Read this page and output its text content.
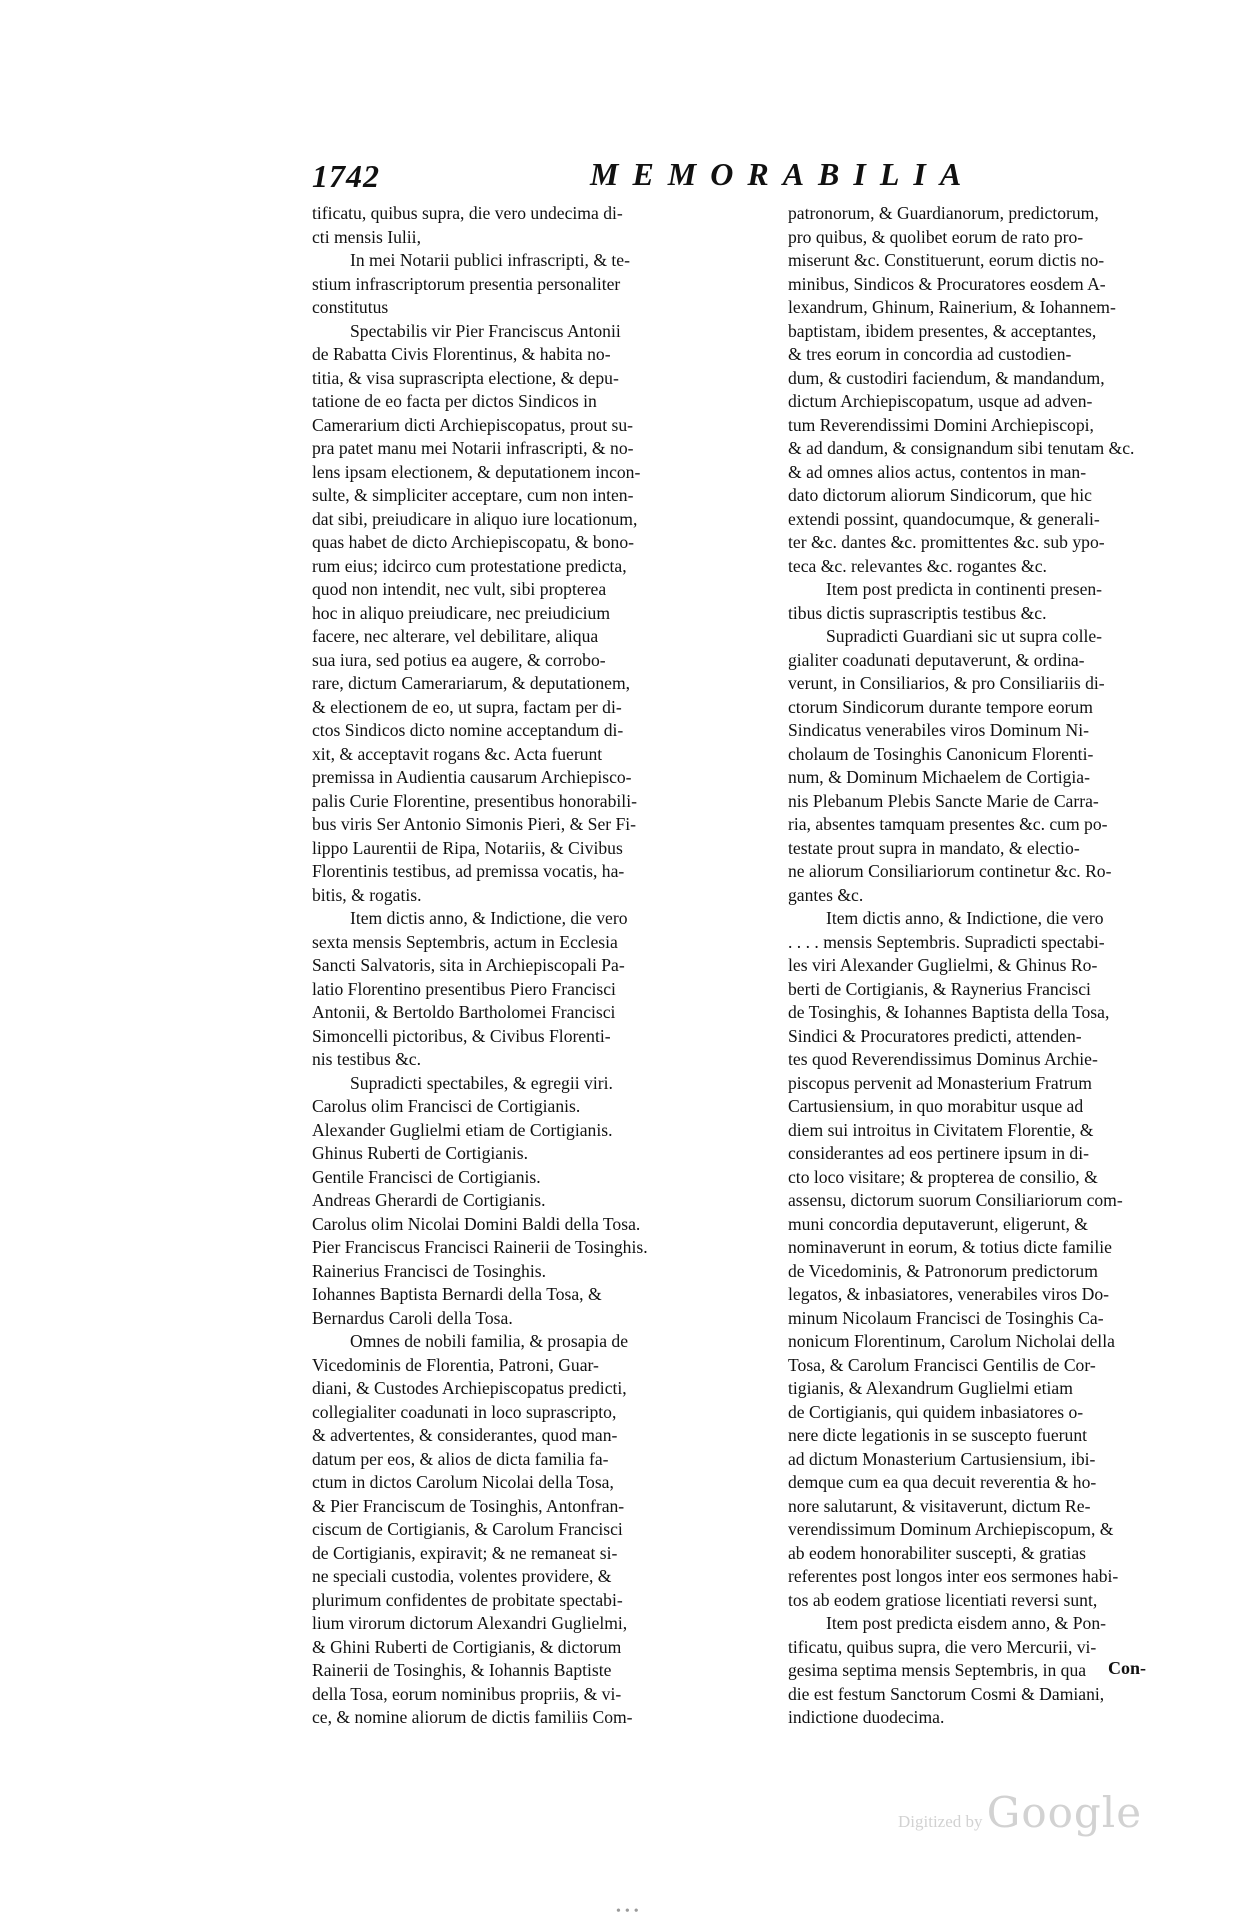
1742	MEMORABILIA
tificatu, quibus supra, die vero undecima di-
cti mensis Iulii,
In mei Notarii publici infrascripti, & te-
stium infrascriptorum presentia personaliter
constitutus
Spectabilis vir Pier Franciscus Antonii
de Rabatta Civis Florentinus, & habita no-
titia, & visa suprascripta electione, & depu-
tatione de eo facta per dictos Sindicos in
Camerarium dicti Archiepiscopatus, prout su-
pra patet manu mei Notarii infrascripti, & no-
lens ipsam electionem, & deputationem incon-
sulte, & simpliciter acceptare, cum non inten-
dat sibi, preiudicare in aliquo iure locationum,
quas habet de dicto Archiepiscopatu, & bono-
rum eius; idcirco cum protestatione predicta,
quod non intendit, nec vult, sibi propterea
hoc in aliquo preiudicare, nec preiudicium
facere, nec alterare, vel debilitare, aliqua
sua iura, sed potius ea augere, & corrobo-
rare, dictum Camerariarum, & deputationem,
& electionem de eo, ut supra, factam per di-
ctos Sindicos dicto nomine acceptandum di-
xit, & acceptavit rogans &c. Acta fuerunt
premissa in Audientia causarum Archiepisco-
palis Curie Florentine, presentibus honorabili-
bus viris Ser Antonio Simonis Pieri, & Ser Fi-
lippo Laurentii de Ripa, Notariis, & Civibus
Florentinis testibus, ad premissa vocatis, ha-
bitis, & rogatis.
Item dictis anno, & Indictione, die vero
sexta mensis Septembris, actum in Ecclesia
Sancti Salvatoris, sita in Archiepiscopali Pa-
latio Florentino presentibus Piero Francisci
Antonii, & Bertoldo Bartholomei Francisci
Simoncelli pictoribus, & Civibus Florenti-
nis testibus &c.
Supradicti spectabiles, & egregii viri.
Carolus olim Francisci de Cortigianis.
Alexander Guglielmi etiam de Cortigianis.
Ghinus Ruberti de Cortigianis.
Gentile Francisci de Cortigianis.
Andreas Gherardi de Cortigianis.
Carolus olim Nicolai Domini Baldi della Tosa.
Pier Franciscus Francisci Rainerii de Tosinghis.
Rainerius Francisci de Tosinghis.
Iohannes Baptista Bernardi della Tosa, &
Bernardus Caroli della Tosa.
Omnes de nobili familia, & prosapia de
Vicedominis de Florentia, Patroni, Guar-
diani, & Custodes Archiepiscopatus predicti,
collegialiter coadunati in loco suprascripto,
& advertentes, & considerantes, quod man-
datum per eos, & alios de dicta familia fa-
ctum in dictos Carolum Nicolai della Tosa,
& Pier Franciscum de Tosinghis, Antonfran-
ciscum de Cortigianis, & Carolum Francisci
de Cortigianis, expiravit; & ne remaneat si-
ne speciali custodia, volentes providere, &
plurimum confidentes de probitate spectabi-
lium virorum dictorum Alexandri Guglielmi,
& Ghini Ruberti de Cortigianis, & dictorum
Rainerii de Tosinghis, & Iohannis Baptiste
della Tosa, eorum nominibus propriis, & vi-
ce, & nomine aliorum de dictis familiis Com-
patronorum, & Guardianorum, predictorum,
pro quibus, & quolibet eorum de rato pro-
miserunt &c. Constituerunt, eorum dictis no-
minibus, Sindicos & Procuratores eosdem A-
lexandrum, Ghinum, Rainerium, & Iohannem-
baptistam, ibidem presentes, & acceptantes,
& tres eorum in concordia ad custodien-
dum, & custodiri faciendum, & mandandum,
dictum Archiepiscopatum, usque ad adven-
tum Reverendissimi Domini Archiepiscopi,
& ad dandum, & consignandum sibi tenutam &c.
& ad omnes alios actus, contentos in man-
dato dictorum aliorum Sindicorum, que hic
extendi possint, quandocumque, & generali-
ter &c. dantes &c. promittentes &c. sub ypo-
teca &c. relevantes &c. rogantes &c.
Item post predicta in continenti presen-
tibus dictis suprascriptis testibus &c.
Supradicti Guardiani sic ut supra colle-
gialiter coadunati deputaverunt, & ordina-
verunt, in Consiliarios, & pro Consiliariis di-
ctorum Sindicorum durante tempore eorum
Sindicatus venerabiles viros Dominum Ni-
cholaum de Tosinghis Canonicum Florenti-
num, & Dominum Michaelem de Cortigia-
nis Plebanum Plebis Sancte Marie de Carra-
ria, absentes tamquam presentes &c. cum po-
testate prout supra in mandato, & electio-
ne aliorum Consiliariorum continetur &c. Ro-
gantes &c.
Item dictis anno, & Indictione, die vero
. . . . mensis Septembris. Supradicti spectabi-
les viri Alexander Guglielmi, & Ghinus Ro-
berti de Cortigianis, & Raynerius Francisci
de Tosinghis, & Iohannes Baptista della Tosa,
Sindici & Procuratores predicti, attenden-
tes quod Reverendissimus Dominus Archie-
piscopus pervenit ad Monasterium Fratrum
Cartusiensium, in quo morabitur usque ad
diem sui introitus in Civitatem Florentie, &
considerantes ad eos pertinere ipsum in di-
cto loco visitare; & propterea de consilio, &
assensu, dictorum suorum Consiliariorum com-
muni concordia deputaverunt, eligerunt, &
nominaverunt in eorum, & totius dicte familie
de Vicedominis, & Patronorum predictorum
legatos, & inbasiatores, venerabiles viros Do-
minum Nicolaum Francisci de Tosinghis Ca-
nonicum Florentinum, Carolum Nicholai della
Tosa, & Carolum Francisci Gentilis de Cor-
tigianis, & Alexandrum Guglielmi etiam
de Cortigianis, qui quidem inbasiatores o-
nere dicte legationis in se suscepto fuerunt
ad dictum Monasterium Cartusiensium, ibi-
demque cum ea qua decuit reverentia & ho-
nore salutarunt, & visitaverunt, dictum Re-
verendissimum Dominum Archiepiscopum, &
ab eodem honorabiliter suscepti, & gratias
referentes post longos inter eos sermones habi-
tos ab eodem gratiose licentiati reversi sunt,
Item post predicta eisdem anno, & Pon-
tificatu, quibus supra, die vero Mercurii, vi-
gesima septima mensis Septembris, in qua
die est festum Sanctorum Cosmi & Damiani,
indictione duodecima.
Con-
Digitized by Google
•••
